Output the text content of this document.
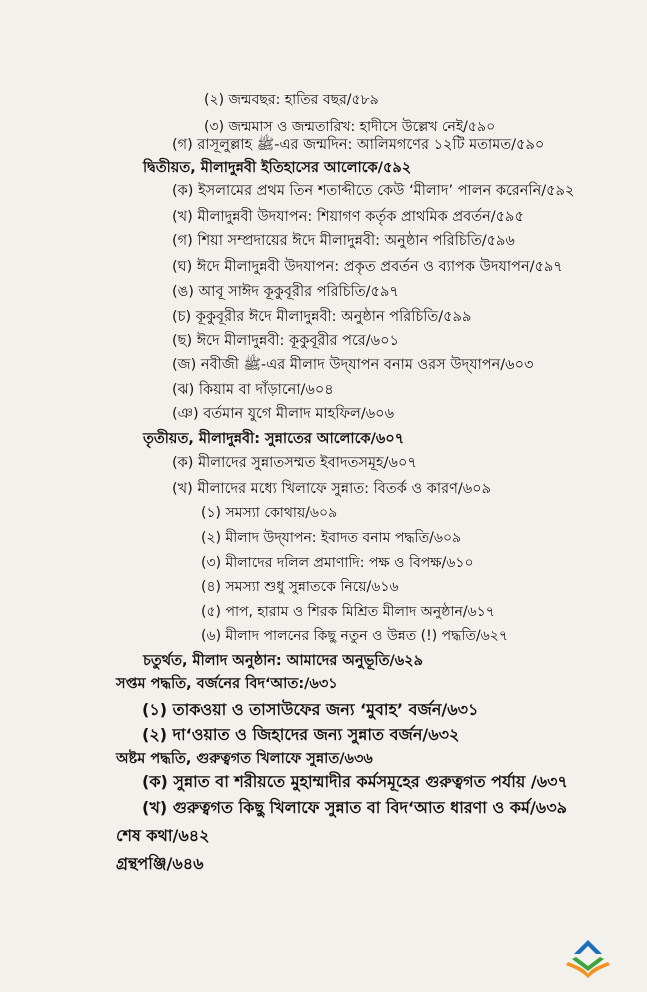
(২) জন্মবছর: হাতির বছর/৫৮৯
(৩) জন্মমাস ও জন্মতারিখ: হাদীসে উল্লেখ নেই/৫৯০
(গ) রাসূলুল্লাহ ﷺ-এর জন্মদিন: আলিমগণের ১২টি মতামত/৫৯০
দ্বিতীয়ত, মীলাদুন্নবী ইতিহাসের আলোকে/৫৯২
(ক) ইসলামের প্রথম তিন শতাব্দীতে কেউ ‘মীলাদ’ পালন করেননি/৫৯২
(খ) মীলাদুন্নবী উদযাপন: শিয়াগণ কর্তৃক প্রাথমিক প্রবর্তন/৫৯৫
(গ) শিয়া সম্প্রদায়ের ঈদে মীলাদুন্নবী: অনুষ্ঠান পরিচিতি/৫৯৬
(ঘ) ঈদে মীলাদুন্নবী উদযাপন: প্রকৃত প্রবর্তন ও ব্যাপক উদযাপন/৫৯৭
(ঙ) আবূ সাঈদ কূকুবূরীর পরিচিতি/৫৯৭
(চ) কূকুবূরীর ঈদে মীলাদুন্নবী: অনুষ্ঠান পরিচিতি/৫৯৯
(ছ) ঈদে মীলাদুন্নবী: কূকুবূরীর পরে/৬০১
(জ) নবীজী ﷺ-এর মীলাদ উদ্‌যাপন বনাম ওরস উদ্‌যাপন/৬০৩
(ঝ) কিয়াম বা দাঁড়ানো/৬০৪
(ঞ) বর্তমান যুগে মীলাদ মাহফিল/৬০৬
তৃতীয়ত, মীলাদুন্নবী: সুন্নাতের আলোকে/৬০৭
(ক) মীলাদের সুন্নাতসম্মত ইবাদতসমূহ/৬০৭
(খ) মীলাদের মধ্যে খিলাফে সুন্নাত: বিতর্ক ও কারণ/৬০৯
(১) সমস্যা কোথায়/৬০৯
(২) মীলাদ উদ্‌যাপন: ইবাদত বনাম পদ্ধতি/৬০৯
(৩) মীলাদের দলিল প্রমাণাদি: পক্ষ ও বিপক্ষ/৬১০
(৪) সমস্যা শুধু সুন্নাতকে নিয়ে/৬১৬
(৫) পাপ, হারাম ও শিরক মিশ্রিত মীলাদ অনুষ্ঠান/৬১৭
(৬) মীলাদ পালনের কিছু নতুন ও উন্নত (!) পদ্ধতি/৬২৭
চতুর্থত, মীলাদ অনুষ্ঠান: আমাদের অনুভূতি/৬২৯
সপ্তম পদ্ধতি, বর্জনের বিদ‘আত:/৬৩১
(১) তাকওয়া ও তাসাউফের জন্য ‘মুবাহ’ বর্জন/৬৩১
(২) দা‘ওয়াত ও জিহাদের জন্য সুন্নাত বর্জন/৬৩২
অষ্টম পদ্ধতি, গুরুত্বগত খিলাফে সুন্নাত/৬৩৬
(ক) সুন্নাত বা শরীয়তে মুহাম্মাদীর কর্মসমূহের গুরুত্বগত পর্যায় /৬৩৭
(খ) গুরুত্বগত কিছু খিলাফে সুন্নাত বা বিদ‘আত ধারণা ও কর্ম/৬৩৯
শেষ কথা/৬৪২
গ্রন্থপঞ্জি/৬৪৬
